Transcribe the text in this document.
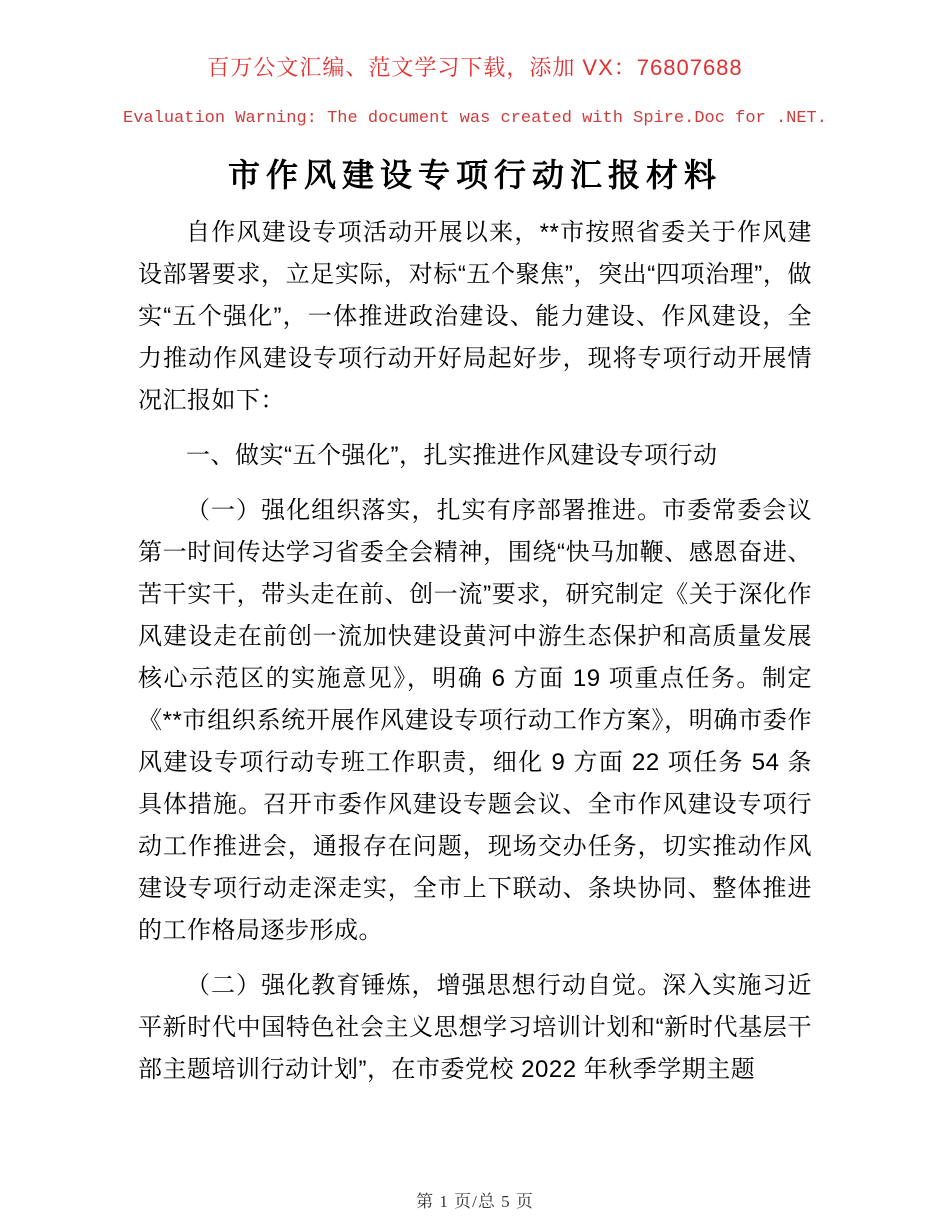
百万公文汇编、范文学习下载，添加 VX：76807688
Evaluation Warning: The document was created with Spire.Doc for .NET.
市作风建设专项行动汇报材料

自作风建设专项活动开展以来，**市按照省委关于作风建设部署要求，立足实际，对标“五个聚焦”，突出“四项治理”，做实“五个强化”，一体推进政治建设、能力建设、作风建设，全力推动作风建设专项行动开好局起好步，现将专项行动开展情况汇报如下：

一、做实“五个强化”，扎实推进作风建设专项行动

（一）强化组织落实，扎实有序部署推进。市委常委会议第一时间传达学习省委全会精神，围绕“快马加鞭、感恩奋进、苦干实干，带头走在前、创一流”要求，研究制定《关于深化作风建设走在前创一流加快建设黄河中游生态保护和高质量发展核心示范区的实施意见》，明确 6 方面 19 项重点任务。制定《**市组织系统开展作风建设专项行动工作方案》，明确市委作风建设专项行动专班工作职责，细化 9 方面 22 项任务 54 条具体措施。召开市委作风建设专题会议、全市作风建设专项行动工作推进会，通报存在问题，现场交办任务，切实推动作风建设专项行动走深走实，全市上下联动、条块协同、整体推进的工作格局逐步形成。

（二）强化教育锤炼，增强思想行动自觉。深入实施习近平新时代中国特色社会主义思想学习培训计划和“新时代基层干部主题培训行动计划”，在市委党校 2022 年秋季学期主题

第 1 页/总 5 页
